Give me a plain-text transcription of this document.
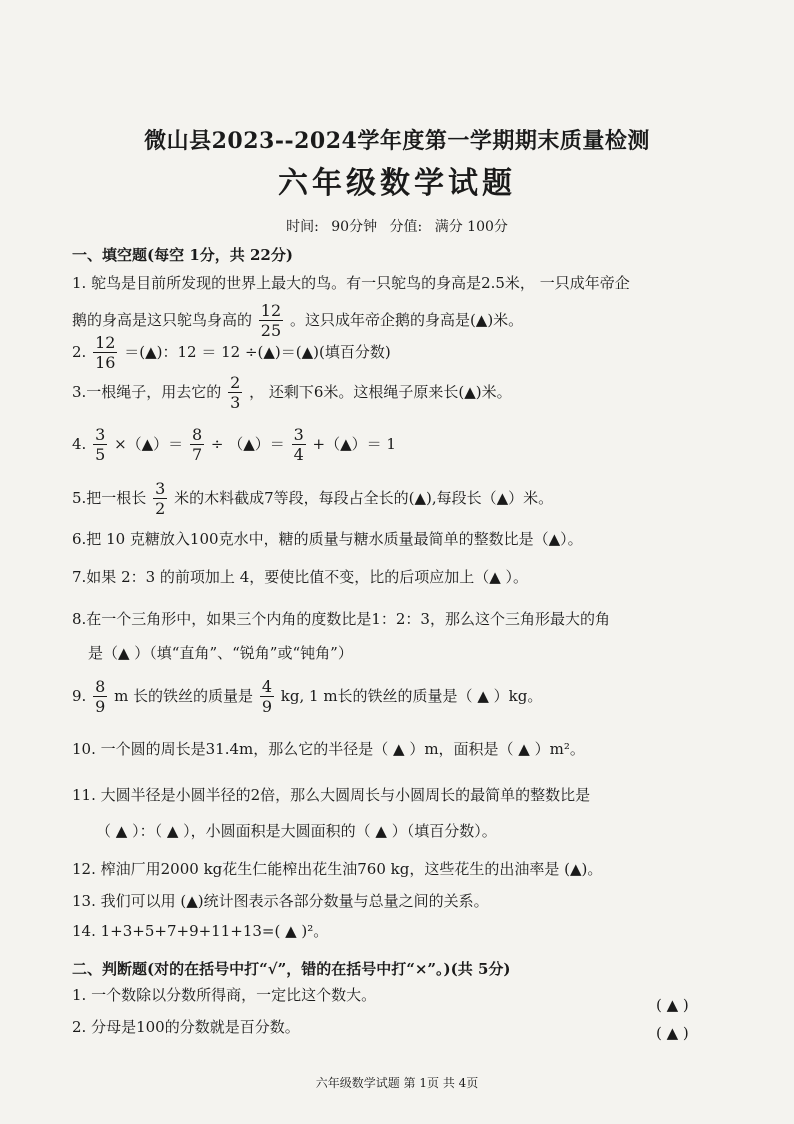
微山县2023--2024学年度第一学期期末质量检测
六年级数学试题
时间: 90分钟 分值: 满分 100分
一、填空题(每空 1分，共 22分)
1. 鸵鸟是目前所发现的世界上最大的鸟。有一只鸵鸟的身高是2.5米， 一只成年帝企
鹅的身高是这只鸵鸟身高的 $\frac{12}{25}$ 。这只成年帝企鹅的身高是(▲)米。
2. $\frac{12}{16}$ ＝(▲)：12 ＝ 12 ÷(▲)＝(▲)(填百分数)
3.一根绳子，用去它的 $\frac{2}{3}$ ， 还剩下6米。这根绳子原来长(▲)米。
4. $\frac{3}{5}$ ×（▲）＝ $\frac{8}{7}$ ÷ （▲）＝ $\frac{3}{4}$ +（▲）＝ 1
5.把一根长 $\frac{3}{2}$ 米的木料截成7等段，每段占全长的(▲),每段长（▲）米。
6.把 10 克糖放入100克水中，糖的质量与糖水质量最简单的整数比是（▲）。
7.如果 2：3 的前项加上 4，要使比值不变，比的后项应加上（▲ ）。
8.在一个三角形中，如果三个内角的度数比是1：2：3，那么这个三角形最大的角
是（▲ ）（填“直角”、“锐角”或“钝角”）
9. $\frac{8}{9}$ m 长的铁丝的质量是 $\frac{4}{9}$ kg, 1 m长的铁丝的质量是（ ▲ ）kg。
10. 一个圆的周长是31.4m，那么它的半径是（ ▲ ）m，面积是（ ▲ ）m²。
11. 大圆半径是小圆半径的2倍，那么大圆周长与小圆周长的最简单的整数比是
（ ▲ ）：（ ▲ ），小圆面积是大圆面积的（ ▲ ）（填百分数）。
12. 榨油厂用2000 kg花生仁能榨出花生油760 kg，这些花生的出油率是 (▲)。
13. 我们可以用 (▲)统计图表示各部分数量与总量之间的关系。
14. 1+3+5+7+9+11+13=( ▲ )²。
二、判断题(对的在括号中打“√”，错的在括号中打“×”。)(共 5分)
1. 一个数除以分数所得商，一定比这个数大。
( ▲ )
2. 分母是100的分数就是百分数。	( ▲ )
六年级数学试题 第 1页 共 4页
